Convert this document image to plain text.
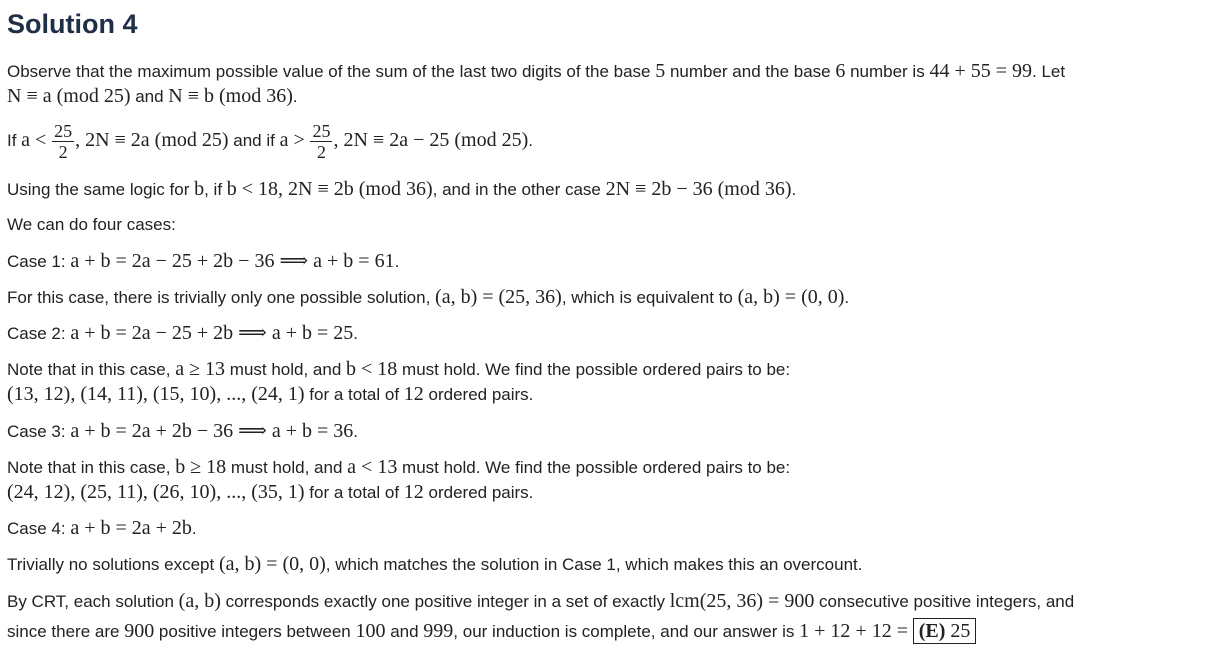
Solution 4
Observe that the maximum possible value of the sum of the last two digits of the base 5 number and the base 6 number is 44 + 55 = 99. Let
N ≡ a (mod 25) and N ≡ b (mod 36).
If $a < \frac{25}{2}$ , 2N ≡ 2a (mod 25) and if $a > \frac{25}{2}$ , 2N ≡ 2a − 25 (mod 25).
Using the same logic for b, if b < 18, 2N ≡ 2b (mod 36), and in the other case 2N ≡ 2b − 36 (mod 36).
We can do four cases:
Case 1: a + b = 2a − 25 + 2b − 36 ⟹ a + b = 61.
For this case, there is trivially only one possible solution, (a, b) = (25, 36), which is equivalent to (a, b) = (0, 0).
Case 2: a + b = 2a − 25 + 2b ⟹ a + b = 25.
Note that in this case, a ≥ 13 must hold, and b < 18 must hold. We find the possible ordered pairs to be:
(13, 12), (14, 11), (15, 10), ..., (24, 1) for a total of 12 ordered pairs.
Case 3: a + b = 2a + 2b − 36 ⟹ a + b = 36.
Note that in this case, b ≥ 18 must hold, and a < 13 must hold. We find the possible ordered pairs to be:
(24, 12), (25, 11), (26, 10), ..., (35, 1) for a total of 12 ordered pairs.
Case 4: a + b = 2a + 2b.
Trivially no solutions except (a, b) = (0, 0), which matches the solution in Case 1, which makes this an overcount.
By CRT, each solution (a, b) corresponds exactly one positive integer in a set of exactly lcm(25, 36) = 900 consecutive positive integers, and
since there are 900 positive integers between 100 and 999, our induction is complete, and our answer is 1 + 12 + 12 = (E) 25
